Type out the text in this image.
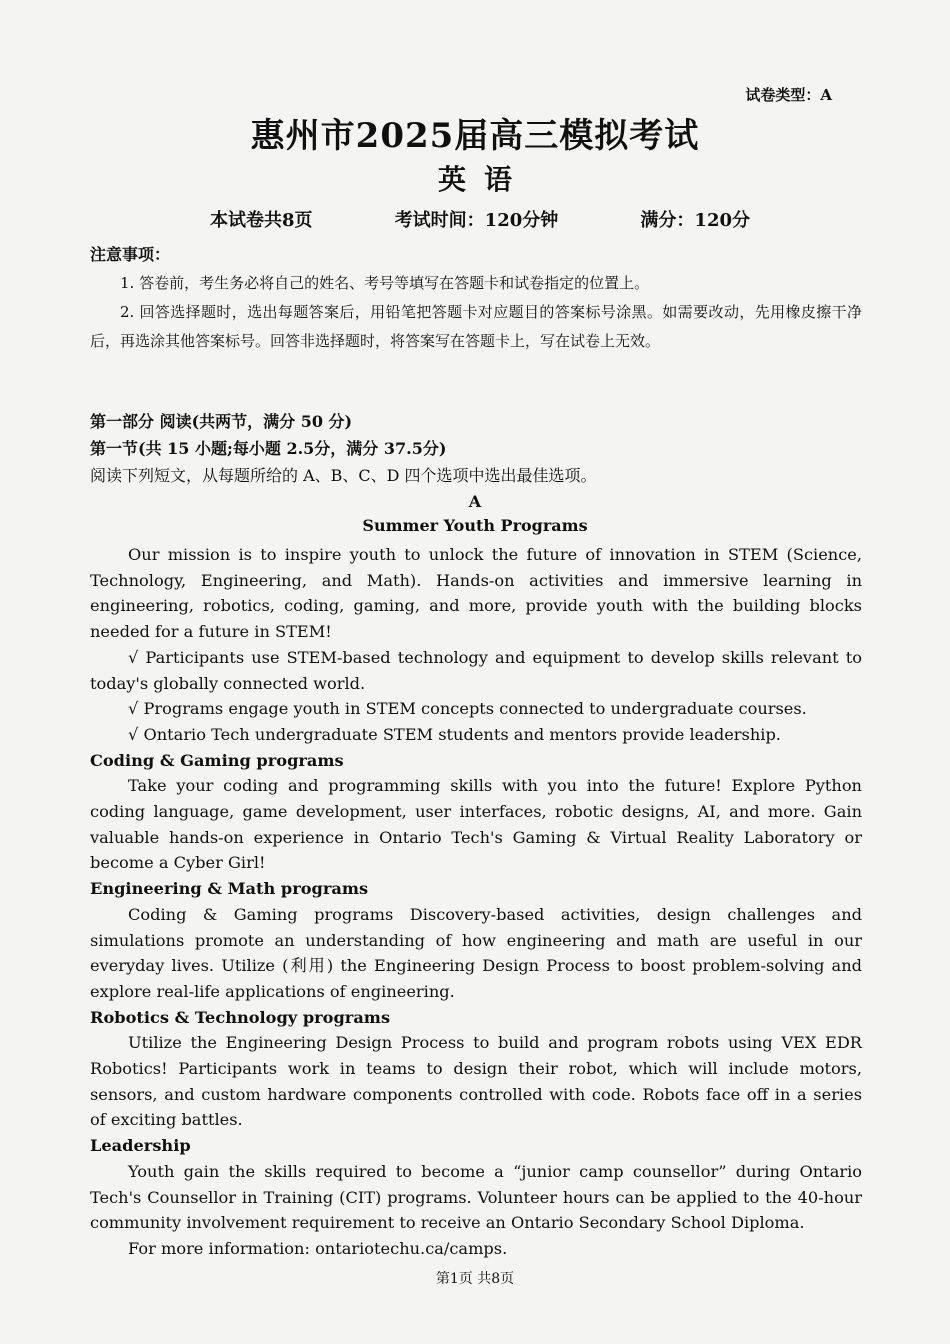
试卷类型：A
惠州市2025届高三模拟考试
英语
本试卷共8页	考试时间：120分钟	满分：120分
注意事项：

1. 答卷前，考生务必将自己的姓名、考号等填写在答题卡和试卷指定的位置上。

2. 回答选择题时，选出每题答案后，用铅笔把答题卡对应题目的答案标号涂黑。如需要改动，先用橡皮擦干净后，再选涂其他答案标号。回答非选择题时，将答案写在答题卡上，写在试卷上无效。

第一部分 阅读(共两节，满分 50 分)
第一节(共 15 小题;每小题 2.5分，满分 37.5分)
阅读下列短文，从每题所给的 A、B、C、D 四个选项中选出最佳选项。
A
Summer Youth Programs

Our mission is to inspire youth to unlock the future of innovation in STEM (Science, Technology, Engineering, and Math). Hands-on activities and immersive learning in engineering, robotics, coding, gaming, and more, provide youth with the building blocks needed for a future in STEM!

√ Participants use STEM-based technology and equipment to develop skills relevant to today's globally connected world.
√ Programs engage youth in STEM concepts connected to undergraduate courses.
√ Ontario Tech undergraduate STEM students and mentors provide leadership.
Coding & Gaming programs

Take your coding and programming skills with you into the future! Explore Python coding language, game development, user interfaces, robotic designs, AI, and more. Gain valuable hands-on experience in Ontario Tech's Gaming & Virtual Reality Laboratory or become a Cyber Girl!

Engineering & Math programs

Coding & Gaming programs Discovery-based activities, design challenges and simulations promote an understanding of how engineering and math are useful in our everyday lives. Utilize (利用) the Engineering Design Process to boost problem-solving and explore real-life applications of engineering.

Robotics & Technology programs

Utilize the Engineering Design Process to build and program robots using VEX EDR Robotics! Participants work in teams to design their robot, which will include motors, sensors, and custom hardware components controlled with code. Robots face off in a series of exciting battles.

Leadership

Youth gain the skills required to become a “junior camp counsellor” during Ontario Tech's Counsellor in Training (CIT) programs. Volunteer hours can be applied to the 40-hour community involvement requirement to receive an Ontario Secondary School Diploma.

For more information: ontariotechu.ca/camps.

第1页 共8页
